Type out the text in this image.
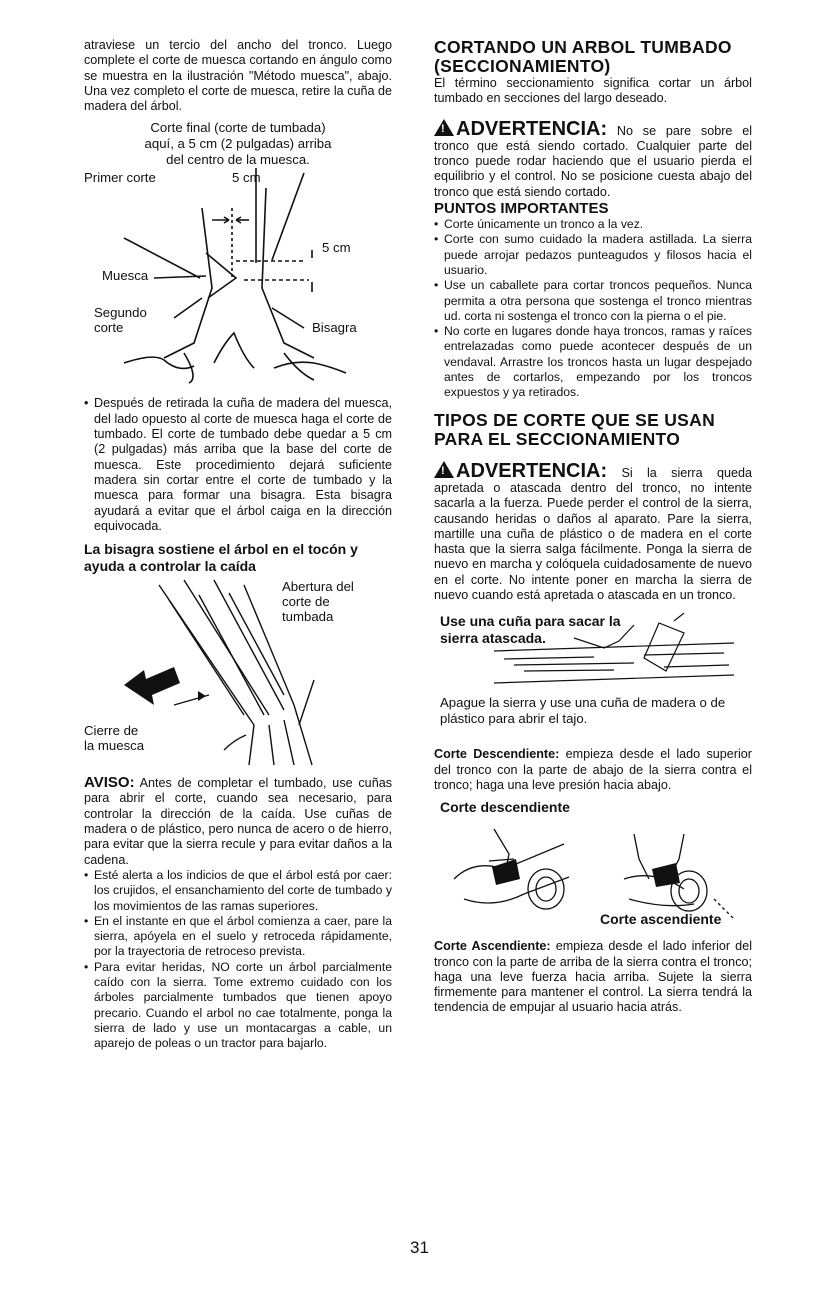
atraviese un tercio del ancho del tronco. Luego complete el corte de muesca cortando en ángulo como se muestra en la ilustración "Método muesca", abajo. Una vez completo el corte de muesca, retire la cuña de madera del árbol.

Corte final (corte de tumbada)
aquí, a 5 cm (2 pulgadas) arriba
del centro de la muesca.
Primer corte	5 cm
5 cm
Muesca
Segundo
corte	Bisagra
• Después de retirada la cuña de madera del muesca, del lado opuesto al corte de muesca haga el corte de tumbado. El corte de tumbado debe quedar a 5 cm (2 pulgadas) más arriba que la base del corte de muesca. Este procedimiento dejará suficiente madera sin cortar entre el corte de tumbado y la muesca para formar una bisagra. Esta bisagra ayudará a evitar que el árbol caiga en la dirección equivocada.
La bisagra sostiene el árbol en el tocón y ayuda a controlar la caída
Abertura del
corte de
tumbada
Cierre de
la muesca

AVISO: Antes de completar el tumbado, use cuñas para abrir el corte, cuando sea necesario, para controlar la dirección de la caída. Use cuñas de madera o de plástico, pero nunca de acero o de hierro, para evitar que la sierra recule y para evitar daños a la cadena.

• Esté alerta a los indicios de que el árbol está por caer: los crujidos, el ensanchamiento del corte de tumbado y los movimientos de las ramas superiores.
• En el instante en que el árbol comienza a caer, pare la sierra, apóyela en el suelo y retroceda rápidamente, por la trayectoria de retroceso prevista.
• Para evitar heridas, NO corte un árbol parcialmente caído con la sierra. Tome extremo cuidado con los árboles parcialmente tumbados que tienen apoyo precario. Cuando el arbol no cae totalmente, ponga la sierra de lado y use un montacargas a cable, un aparejo de poleas o un tractor para bajarlo.
CORTANDO UN ARBOL TUMBADO (SECCIONAMIENTO)

El término seccionamiento significa cortar un árbol tumbado en secciones del largo deseado.

!ADVERTENCIA: No se pare sobre el tronco que está siendo cortado. Cualquier parte del tronco puede rodar haciendo que el usuario pierda el equilibrio y el control. No se posicione cuesta abajo del tronco que está siendo cortado.

PUNTOS IMPORTANTES
• Corte únicamente un tronco a la vez.
• Corte con sumo cuidado la madera astillada. La sierra puede arrojar pedazos punteagudos y filosos hacia el usuario.
• Use un caballete para cortar troncos pequeños. Nunca permita a otra persona que sostenga el tronco mientras ud. corta ni sostenga el tronco con la pierna o el pie.
• No corte en lugares donde haya troncos, ramas y raíces entrelazadas como puede acontecer después de un vendaval. Arrastre los troncos hasta un lugar despejado antes de cortarlos, empezando por los troncos expuestos y ya retirados.
TIPOS DE CORTE QUE SE USAN PARA EL SECCIONAMIENTO

!ADVERTENCIA: Si la sierra queda apretada o atascada dentro del tronco, no intente sacarla a la fuerza. Puede perder el control de la sierra, causando heridas o daños al aparato. Pare la sierra, martille una cuña de plástico o de madera en el corte hasta que la sierra salga fácilmente. Ponga la sierra de nuevo en marcha y colóquela cuidadosamente de nuevo en el corte. No intente poner en marcha la sierra de nuevo cuando está apretada o atascada en un tronco.

Use una cuña para sacar la sierra atascada.

Apague la sierra y use una cuña de madera o de plástico para abrir el tajo.

Corte Descendiente: empieza desde el lado superior del tronco con la parte de abajo de la sierra contra el tronco; haga una leve presión hacia abajo.

Corte descendiente
Corte ascendiente

Corte Ascendiente: empieza desde el lado inferior del tronco con la parte de arriba de la sierra contra el tronco; haga una leve fuerza hacia arriba. Sujete la sierra firmemente para mantener el control. La sierra tendrá la tendencia de empujar al usuario hacia atrás.

31
